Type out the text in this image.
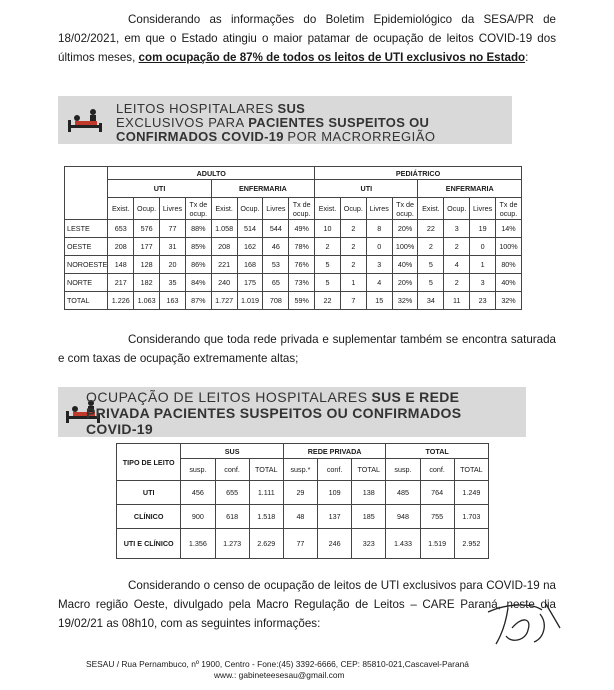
Considerando as informações do Boletim Epidemiológico da SESA/PR de 18/02/2021, em que o Estado atingiu o maior patamar de ocupação de leitos COVID-19 dos últimos meses, com ocupação de 87% de todos os leitos de UTI exclusivos no Estado:
LEITOS HOSPITALARES SUS
EXCLUSIVOS PARA PACIENTES SUSPEITOS OU
CONFIRMADOS COVID-19 POR MACRORREGIÃO
	ADULTO								PEDIÁTRICO							
	UTI				ENFERMARIA				UTI				ENFERMARIA			
	Exist.	Ocup.	Livres	Tx de ocup.	Exist.	Ocup.	Livres	Tx de ocup.	Exist.	Ocup.	Livres	Tx de ocup.	Exist.	Ocup.	Livres	Tx de ocup.
LESTE	653	576	77	88%	1.058	514	544	49%	10	2	8	20%	22	3	19	14%
OESTE	208	177	31	85%	208	162	46	78%	2	2	0	100%	2	2	0	100%
NOROESTE	148	128	20	86%	221	168	53	76%	5	2	3	40%	5	4	1	80%
NORTE	217	182	35	84%	240	175	65	73%	5	1	4	20%	5	2	3	40%
TOTAL	1.226	1.063	163	87%	1.727	1.019	708	59%	22	7	15	32%	34	11	23	32%
Considerando que toda rede privada e suplementar também se encontra saturada e com taxas de ocupação extremamente altas;
OCUPAÇÃO DE LEITOS HOSPITALARES SUS E REDE
PRIVADA PACIENTES SUSPEITOS OU CONFIRMADOS
COVID-19
TIPO DE LEITO	SUS			REDE PRIVADA			TOTAL		
	susp.	conf.	TOTAL	susp.*	conf.	TOTAL	susp.	conf.	TOTAL
UTI	456	655	1.111	29	109	138	485	764	1.249
CLÍNICO	900	618	1.518	48	137	185	948	755	1.703
UTI E CLÍNICO	1.356	1.273	2.629	77	246	323	1.433	1.519	2.952
Considerando o censo de ocupação de leitos de UTI exclusivos para COVID-19 na Macro região Oeste, divulgado pela Macro Regulação de Leitos – CARE Paraná, neste dia 19/02/21 as 08h10, com as seguintes informações:
SESAU / Rua Pernambuco, nº 1900, Centro - Fone:(45) 3392-6666, CEP: 85810-021,Cascavel-Paraná
www.: gabineteesesau@gmail.com
